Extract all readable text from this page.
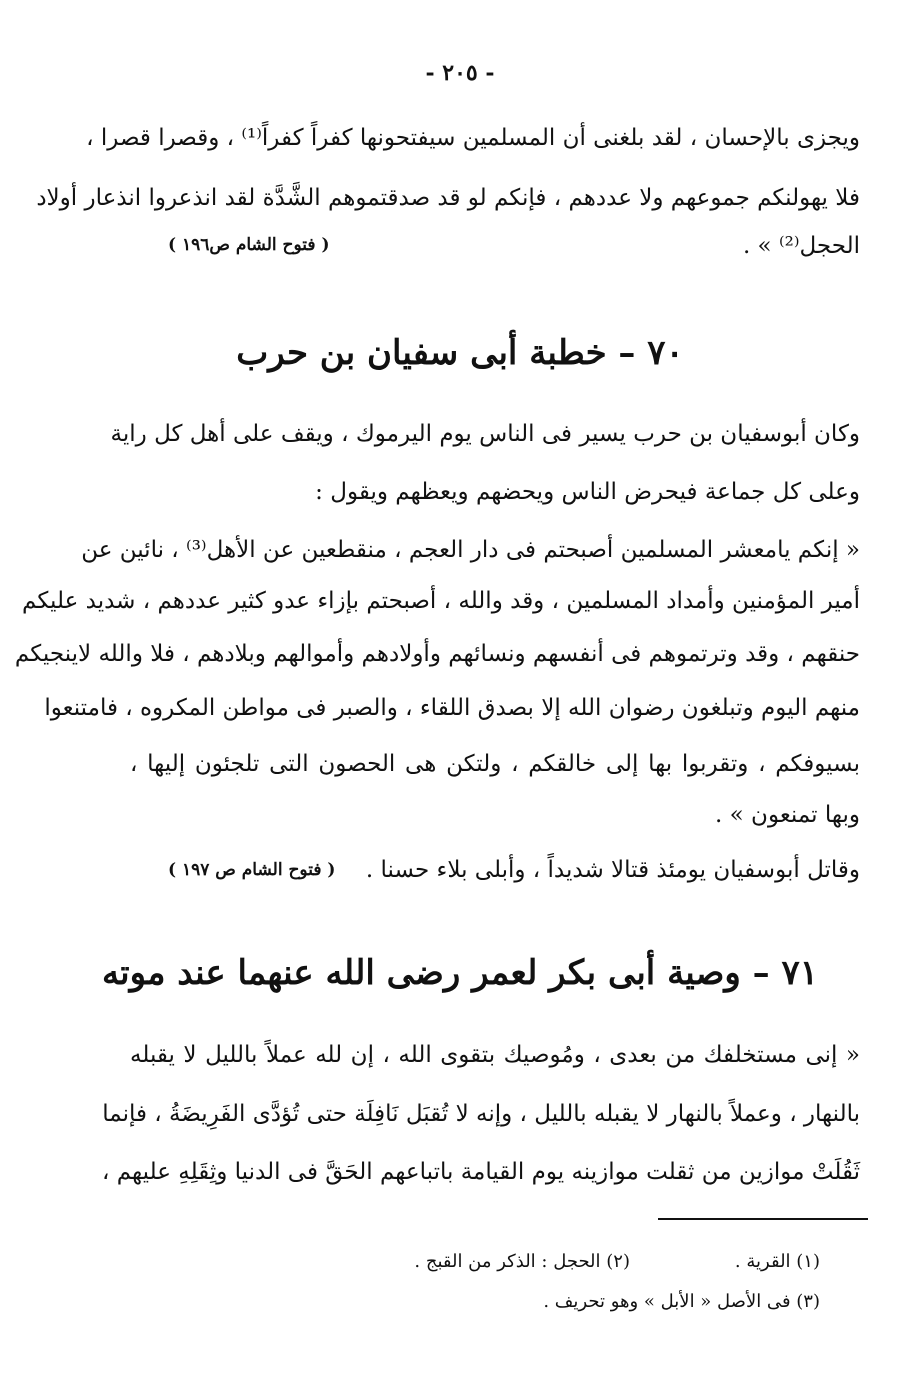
- ٢٠٥ -
ويجزى بالإحسان ، لقد بلغنى أن المسلمين سيفتحونها كفراً كفراً⁽¹⁾ ، وقصرا قصرا ،
فلا يهولنكم جموعهم ولا عددهم ، فإنكم لو قد صدقتموهم الشَّدَّة لقد انذعروا انذعار أولاد
الحجل⁽²⁾ » .
( فتوح الشام ص١٩٦ )
٧٠ – خطبة أبى سفيان بن حرب
وكان أبوسفيان بن حرب يسير فى الناس يوم اليرموك ، ويقف على أهل كل راية
وعلى كل جماعة فيحرض الناس ويحضهم ويعظهم ويقول :
« إنكم يامعشر المسلمين أصبحتم فى دار العجم ، منقطعين عن الأهل⁽³⁾ ، نائين عن
أمير المؤمنين وأمداد المسلمين ، وقد والله ، أصبحتم بإزاء عدو كثير عددهم ، شديد عليكم
حنقهم ، وقد وترتموهم فى أنفسهم ونسائهم وأولادهم وأموالهم وبلادهم ، فلا والله لاينجيكم
منهم اليوم وتبلغون رضوان الله إلا بصدق اللقاء ، والصبر فى مواطن المكروه ، فامتنعوا
بسيوفكم ، وتقربوا بها إلى خالقكم ، ولتكن هى الحصون التى تلجئون إليها ،
وبها تمنعون » .
وقاتل أبوسفيان يومئذ قتالا شديداً ، وأبلى بلاء حسنا .
( فتوح الشام ص ١٩٧ )
٧١ – وصية أبى بكر لعمر رضى الله عنهما عند موته
« إنى مستخلفك من بعدى ، ومُوصيك بتقوى الله ، إن لله عملاً بالليل لا يقبله
بالنهار ، وعملاً بالنهار لا يقبله بالليل ، وإنه لا تُقبَل نَافِلَة حتى تُؤدَّى الفَرِيضَةُ ، فإنما
ثَقُلَتْ موازين من ثقلت موازينه يوم القيامة باتباعهم الحَقَّ فى الدنيا وثِقَلِهِ عليهم ،
(١) القرية .
(٢) الحجل : الذكر من القبج .
(٣) فى الأصل « الأبل » وهو تحريف .
